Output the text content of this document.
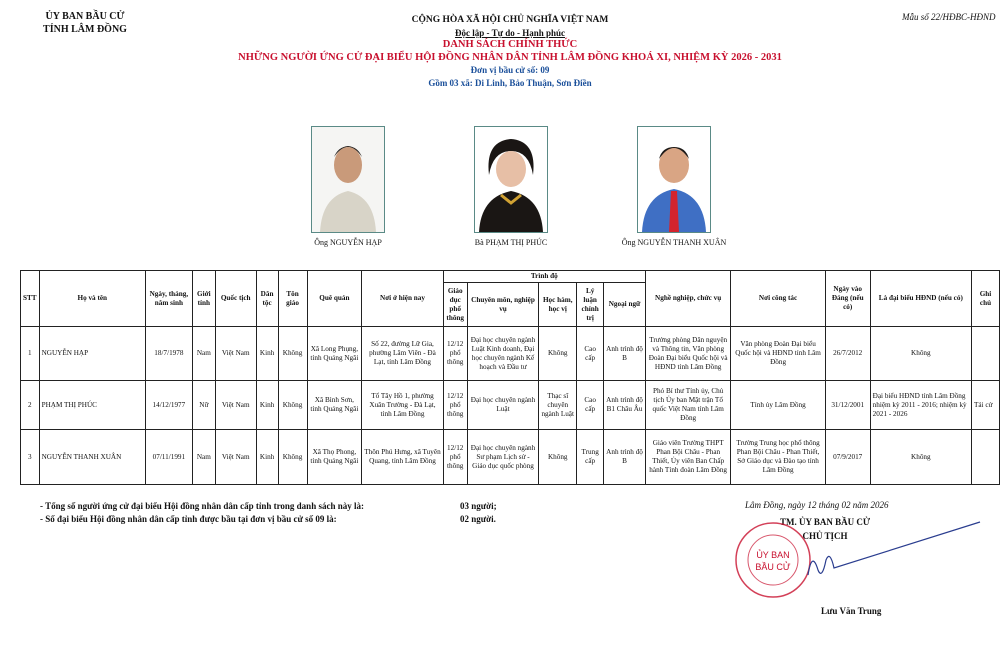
ỦY BAN BẦU CỬ
TỈNH LÂM ĐỒNG
Mẫu số 22/HĐBC-HĐND
CỘNG HÒA XÃ HỘI CHỦ NGHĨA VIỆT NAM
Độc lập - Tự do - Hạnh phúc
DANH SÁCH CHÍNH THỨC
NHỮNG NGƯỜI ỨNG CỬ ĐẠI BIỂU HỘI ĐỒNG NHÂN DÂN TỈNH LÂM ĐỒNG KHOÁ XI, NHIỆM KỲ 2026 - 2031
Đơn vị bầu cử số: 09
Gồm 03 xã: Di Linh, Bảo Thuận, Sơn Điền
Ông NGUYỄN HẠP	Bà PHẠM THỊ PHÚC	Ông NGUYỄN THANH XUÂN
STT	Họ và tên	Ngày, tháng, năm sinh	Giới tính	Quốc tịch	Dân tộc	Tôn giáo	Quê quán	Nơi ở hiện nay	Trình độ					Nghề nghiệp, chức vụ	Nơi công tác	Ngày vào Đảng (nếu có)	Là đại biểu HĐND (nếu có)	Ghi chú
									Giáo dục phổ thông	Chuyên môn, nghiệp vụ	Học hàm, học vị	Lý luận chính trị	Ngoại ngữ					
1	NGUYỄN HẠP	18/7/1978	Nam	Việt Nam	Kinh	Không	Xã Long Phụng, tỉnh Quảng Ngãi	Số 22, đường Lữ Gia, phường Lâm Viên - Đà Lạt, tỉnh Lâm Đồng	12/12 phổ thông	Đại học chuyên ngành Luật Kinh doanh, Đại học chuyên ngành Kế hoạch và Đầu tư	Không	Cao cấp	Anh trình độ B	Trưởng phòng Dân nguyện và Thông tin, Văn phòng Đoàn Đại biểu Quốc hội và HĐND tỉnh Lâm Đồng	Văn phòng Đoàn Đại biểu Quốc hội và HĐND tỉnh Lâm Đồng	26/7/2012	Không	
2	PHẠM THỊ PHÚC	14/12/1977	Nữ	Việt Nam	Kinh	Không	Xã Bình Sơn, tỉnh Quảng Ngãi	Tổ Tây Hồ 1, phường Xuân Trường - Đà Lạt, tỉnh Lâm Đồng	12/12 phổ thông	Đại học chuyên ngành Luật	Thạc sĩ chuyên ngành Luật	Cao cấp	Anh trình độ B1 Châu Âu	Phó Bí thư Tỉnh ủy, Chủ tịch Ủy ban Mặt trận Tổ quốc Việt Nam tỉnh Lâm Đồng	Tỉnh ủy Lâm Đồng	31/12/2001	Đại biểu HĐND tỉnh Lâm Đồng nhiệm kỳ 2011 - 2016; nhiệm kỳ 2021 - 2026	Tái cử
3	NGUYỄN THANH XUÂN	07/11/1991	Nam	Việt Nam	Kinh	Không	Xã Thọ Phong, tỉnh Quảng Ngãi	Thôn Phú Hưng, xã Tuyên Quang, tỉnh Lâm Đồng	12/12 phổ thông	Đại học chuyên ngành Sư phạm Lịch sử - Giáo dục quốc phòng	Không	Trung cấp	Anh trình độ B	Giáo viên Trường THPT Phan Bội Châu - Phan Thiết, Ủy viên Ban Chấp hành Tỉnh đoàn Lâm Đồng	Trường Trung học phổ thông Phan Bội Châu - Phan Thiết, Sở Giáo dục và Đào tạo tỉnh Lâm Đồng	07/9/2017	Không	
- Tổng số người ứng cử đại biểu Hội đồng nhân dân cấp tỉnh trong danh sách này là:	03 người;
- Số đại biểu Hội đồng nhân dân cấp tỉnh được bầu tại đơn vị bầu cử số 09 là:	02 người.
Lâm Đồng, ngày 12 tháng 02 năm 2026
TM. ỦY BAN BẦU CỬ
CHỦ TỊCH
ỦY BAN
BẦU CỬ
Lưu Văn Trung
